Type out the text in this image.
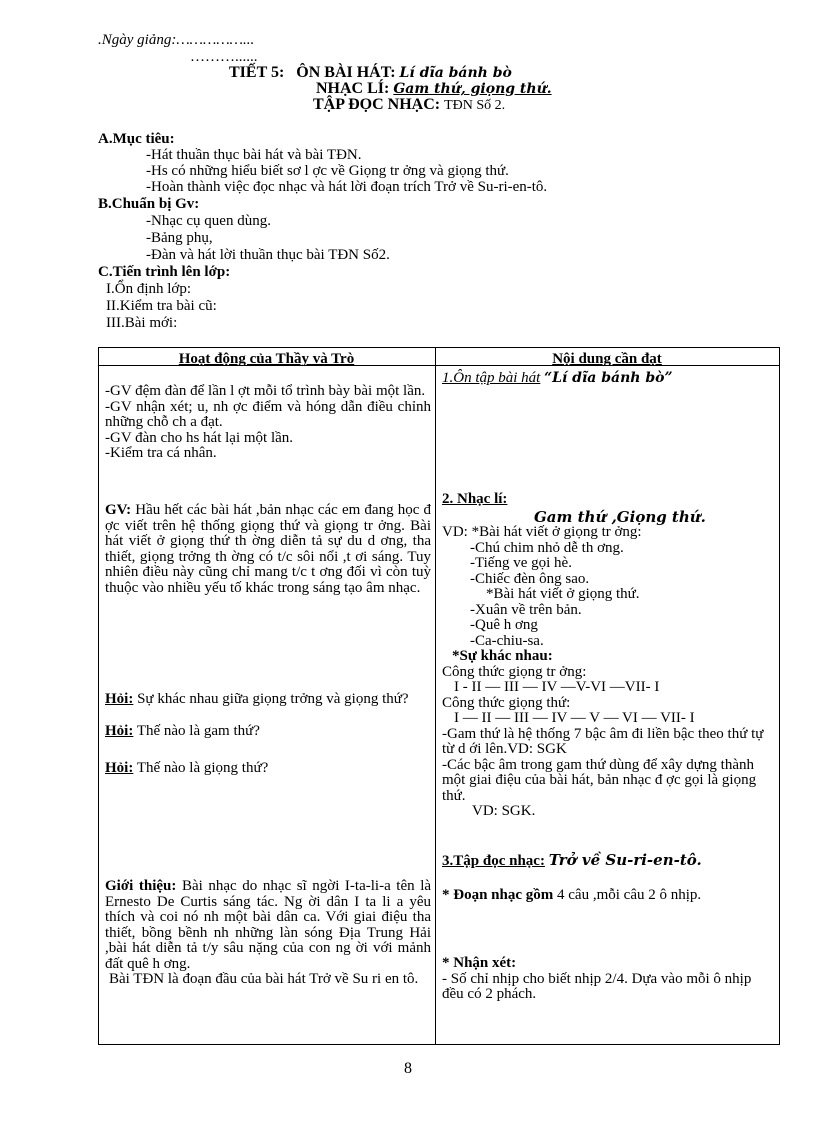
.Ngày giảng:……………...
………......
TIẾT 5: ÔN BÀI HÁT: Lí dĩa bánh bò
NHẠC LÍ: Gam thứ, giọng thứ.
TẬP ĐỌC NHẠC: TĐN Số 2.
A.Mục tiêu:
-Hát thuần thục bài hát và bài TĐN.
-Hs có những hiểu biết sơ l ợc về Giọng tr ởng và giọng thứ.
-Hoàn thành việc đọc nhạc và hát lời đoạn trích Trở về Su-ri-en-tô.
B.Chuẩn bị Gv:
-Nhạc cụ quen dùng.
-Bảng phụ,
-Đàn và hát lời thuần thục bài TĐN Số2.
C.Tiến trình lên lớp:
I.Ổn định lớp:
II.Kiểm tra bài cũ:
III.Bài mới:
Hoạt động của Thầy và Trò	Nội dung cần đạt

-GV đệm đàn để lần l ợt mỗi tổ trình bày bài một lần.

-GV nhận xét; u, nh ợc điểm và hóng dẫn điều chỉnh những chỗ ch a đạt.

-GV đàn cho hs hát lại một lần.

-Kiểm tra cá nhân.

GV: Hầu hết các bài hát ,bản nhạc các em đang học đ ợc viết trên hệ thống giọng thứ và giọng tr ởng. Bài hát viết ở giọng thứ th ờng diễn tả sự du d ơng, tha thiết, giọng trởng th ờng có t/c sôi nổi ,t ơi sáng. Tuy nhiên điều này cũng chỉ mang t/c t ơng đối vì còn tuỳ thuộc vào nhiều yếu tố khác trong sáng tạo âm nhạc.

Hỏi: Sự khác nhau giữa giọng trởng và giọng thứ?

Hỏi: Thế nào là gam thứ?

Hỏi: Thế nào là giọng thứ?

Giới thiệu: Bài nhạc do nhạc sĩ ngời I-ta-li-a tên là Ernesto De Curtis sáng tác. Ng ời dân I ta li a yêu thích và coi nó nh một bài dân ca. Với giai điệu tha thiết, bồng bềnh nh những làn sóng Địa Trung Hải ,bài hát diễn tả t/y sâu nặng của con ng ời với mảnh đất quê h ơng.

Bài TĐN là đoạn đầu của bài hát Trở về Su ri en tô.

1.Ôn tập bài hát “Lí dĩa bánh bò”

2. Nhạc lí:

Gam thứ ,Giọng thứ.

VD: *Bài hát viết ở giọng tr ởng:

-Chú chim nhỏ dễ th ơng.

-Tiếng ve gọi hè.

-Chiếc đèn ông sao.

*Bài hát viết ở giọng thứ.

-Xuân về trên bản.

-Quê h ơng

-Ca-chiu-sa.

*Sự khác nhau:

Công thức giọng tr ởng:

I - II — III — IV —V-VI —VII- I

Công thức giọng thứ:

I — II — III — IV — V — VI — VII- I

-Gam thứ là hệ thống 7 bậc âm đi liền bậc theo thứ tự từ d ới lên.VD: SGK

-Các bậc âm trong gam thứ dùng để xây dựng thành một giai điệu của bài hát, bản nhạc đ ợc gọi là giọng thứ.

VD: SGK.

3.Tập đọc nhạc: Trở về Su-ri-en-tô.

* Đoạn nhạc gồm 4 câu ,mỗi câu 2 ô nhịp.

* Nhận xét:

- Số chỉ nhịp cho biết nhịp 2/4. Dựa vào mỗi ô nhịp đều có 2 phách.

8
